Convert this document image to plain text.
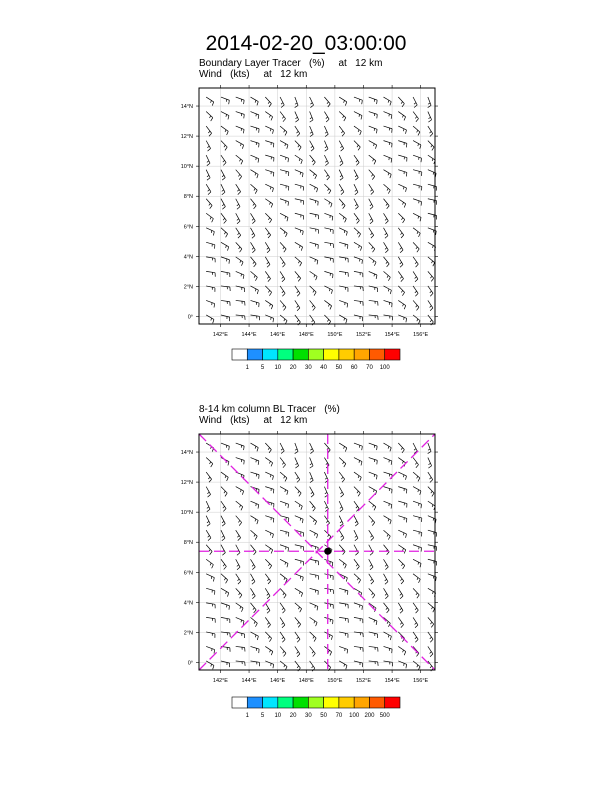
2014-02-20_03:00:00
Boundary Layer Tracer   (%)     at   12 km
Wind   (kts)     at   12 km
8-14 km column BL Tracer   (%)
Wind   (kts)     at   12 km
142°E 144°E 146°E 148°E 150°E 152°E 154°E 156°E
14°N
12°N
10°N
8°N
6°N
4°N
2°N
0°
1 5 10 20 30 40 50 60 70 100
142°E 144°E 146°E 148°E 150°E 152°E 154°E 156°E
14°N
12°N
10°N
8°N
6°N
4°N
2°N
0°
1 5 10 20 30 50 70 100 200 500
